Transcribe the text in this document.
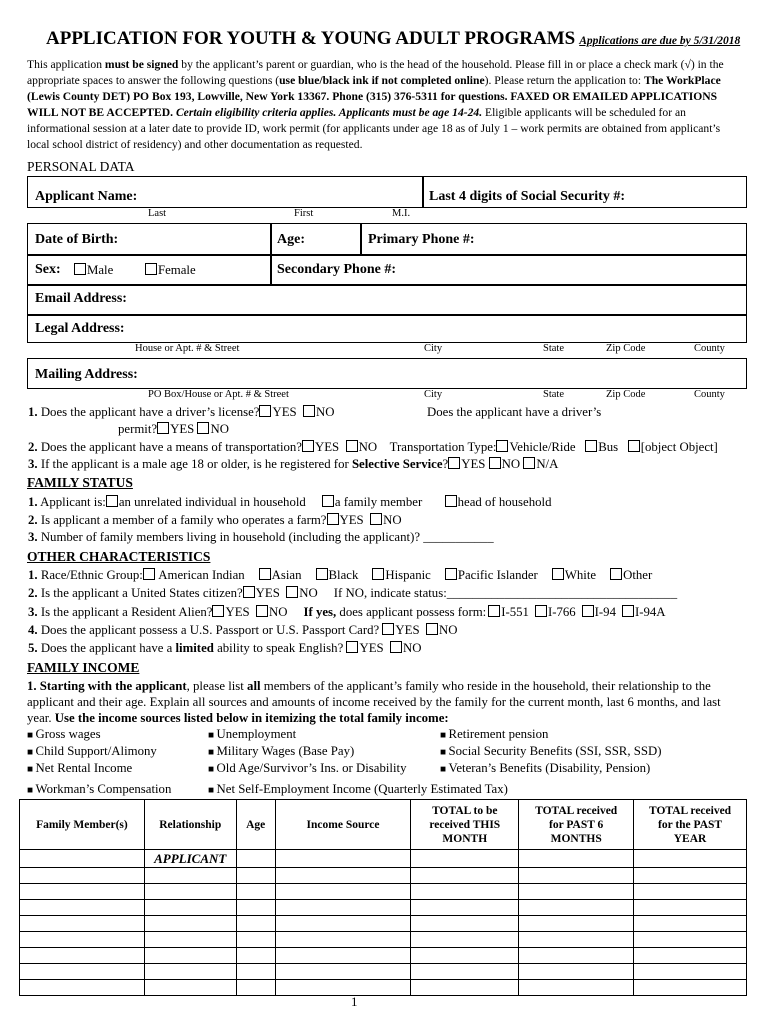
APPLICATION FOR YOUTH & YOUNG ADULT PROGRAMS Applications are due by 5/31/2018
This application must be signed by the applicant’s parent or guardian, who is the head of the household. Please fill in or place a check mark (√) in the appropriate spaces to answer the following questions (use blue/black ink if not completed online). Please return the application to: The WorkPlace (Lewis County DET) PO Box 193, Lowville, New York 13367. Phone (315) 376-5311 for questions. FAXED OR EMAILED APPLICATIONS WILL NOT BE ACCEPTED. Certain eligibility criteria applies. Applicants must be age 14-24. Eligible applicants will be scheduled for an informational session at a later date to provide ID, work permit (for applicants under age 18 as of July 1 – work permits are obtained from applicant’s local school district of residency) and other documentation as requested.
PERSONAL DATA
Applicant Name:	Last 4 digits of Social Security #:
Last	First	M.I.
Date of Birth:	Age:	Primary Phone #:
Sex:	Male	Female	Secondary Phone #:
Email Address:
Legal Address:
House or Apt. # & Street	City	State	Zip Code	County
Mailing Address:
PO Box/House or Apt. # & Street	City	State	Zip Code	County
1. Does the applicant have a driver’s license? YES NO	Does the applicant have a driver’s
permit? YES NO
2. Does the applicant have a means of transportation? YES NO Transportation Type: Vehicle/Ride Bus [object Object]
3. If the applicant is a male age 18 or older, is he registered for Selective Service? YES NO N/A
FAMILY STATUS
1. Applicant is: an unrelated individual in household a family member	head of household
2. Is applicant a member of a family who operates a farm? YES NO
3. Number of family members living in household (including the applicant)? ___________
OTHER CHARACTERISTICS
1. Race/Ethnic Group: American Indian Asian Black Hispanic Pacific Islander White Other
2. Is the applicant a United States citizen? YES NO If NO, indicate status:____________________________________
3. Is the applicant a Resident Alien? YES NO If yes, does applicant possess form: I-551 I-766 I-94 I-94A
4. Does the applicant possess a U.S. Passport or U.S. Passport Card? YES NO
5. Does the applicant have a limited ability to speak English? YES NO
FAMILY INCOME
1. Starting with the applicant, please list all members of the applicant’s family who reside in the household, their relationship to the applicant and their age. Explain all sources and amounts of income received by the family for the current month, last 6 months, and last year. Use the income sources listed below in itemizing the total family income:
■ Gross wages	■ Unemployment	■ Retirement pension
■ Child Support/Alimony	■ Military Wages (Base Pay)	■ Social Security Benefits (SSI, SSR, SSD)
■ Net Rental Income	■ Old Age/Survivor’s Ins. or Disability	■ Veteran’s Benefits (Disability, Pension)
■ Workman’s Compensation	■ Net Self-Employment Income (Quarterly Estimated Tax)
Family Member(s)	Relationship	Age	Income Source	TOTAL to be received THIS MONTH	TOTAL received for PAST 6 MONTHS	TOTAL received for the PAST YEAR
	APPLICANT					

1
